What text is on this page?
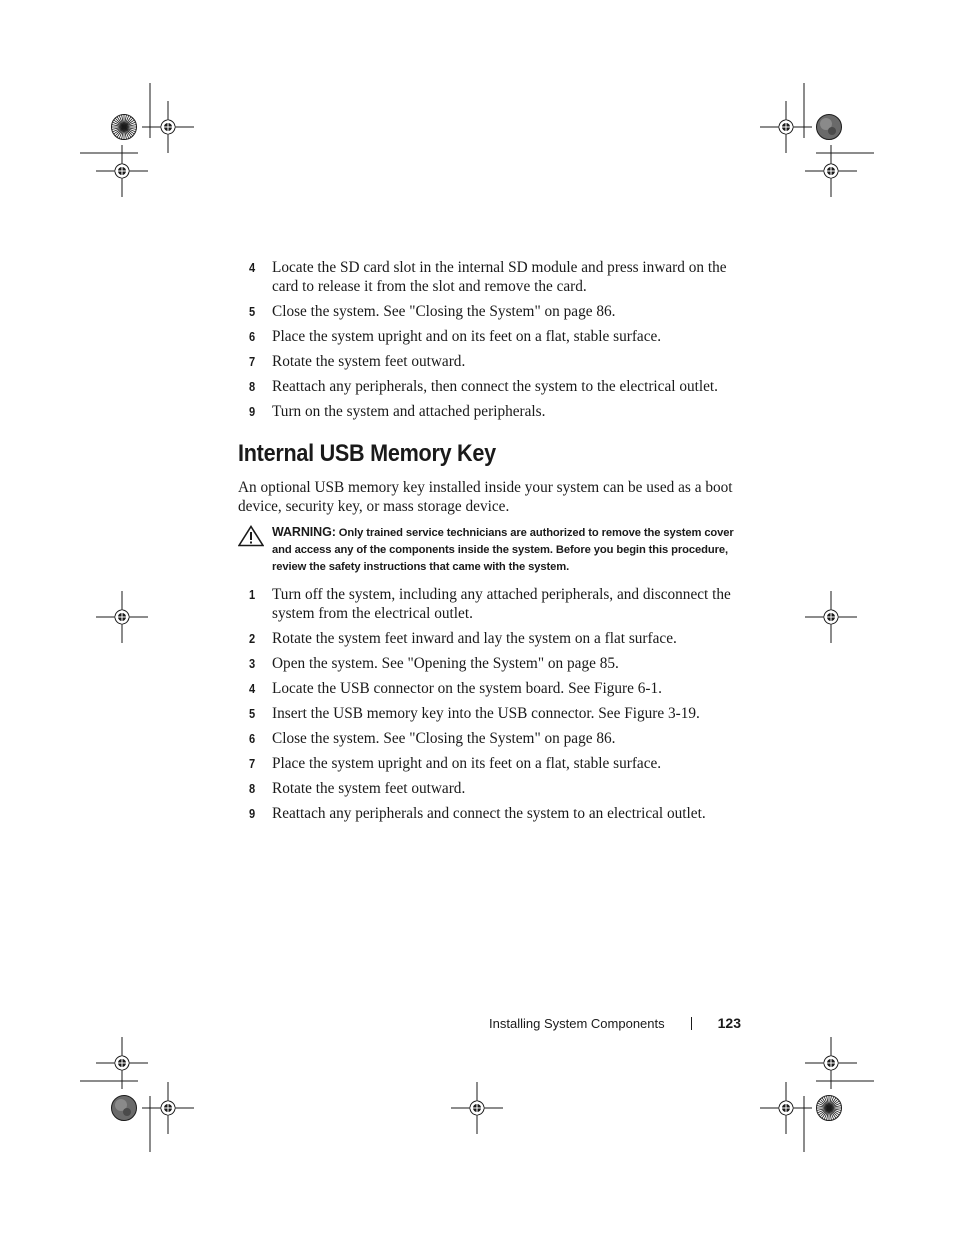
4 Locate the SD card slot in the internal SD module and press inward on the card to release it from the slot and remove the card.
5 Close the system. See "Closing the System" on page 86.
6 Place the system upright and on its feet on a flat, stable surface.
7 Rotate the system feet outward.
8 Reattach any peripherals, then connect the system to the electrical outlet.
9 Turn on the system and attached peripherals.
Internal USB Memory Key

An optional USB memory key installed inside your system can be used as a boot device, security key, or mass storage device.

WARNING: Only trained service technicians are authorized to remove the system cover and access any of the components inside the system. Before you begin this procedure, review the safety instructions that came with the system.
1 Turn off the system, including any attached peripherals, and disconnect the system from the electrical outlet.
2 Rotate the system feet inward and lay the system on a flat surface.
3 Open the system. See "Opening the System" on page 85.
4 Locate the USB connector on the system board. See Figure 6-1.
5 Insert the USB memory key into the USB connector. See Figure 3-19.
6 Close the system. See "Closing the System" on page 86.
7 Place the system upright and on its feet on a flat, stable surface.
8 Rotate the system feet outward.
9 Reattach any peripherals and connect the system to an electrical outlet.
Installing System Components	123
